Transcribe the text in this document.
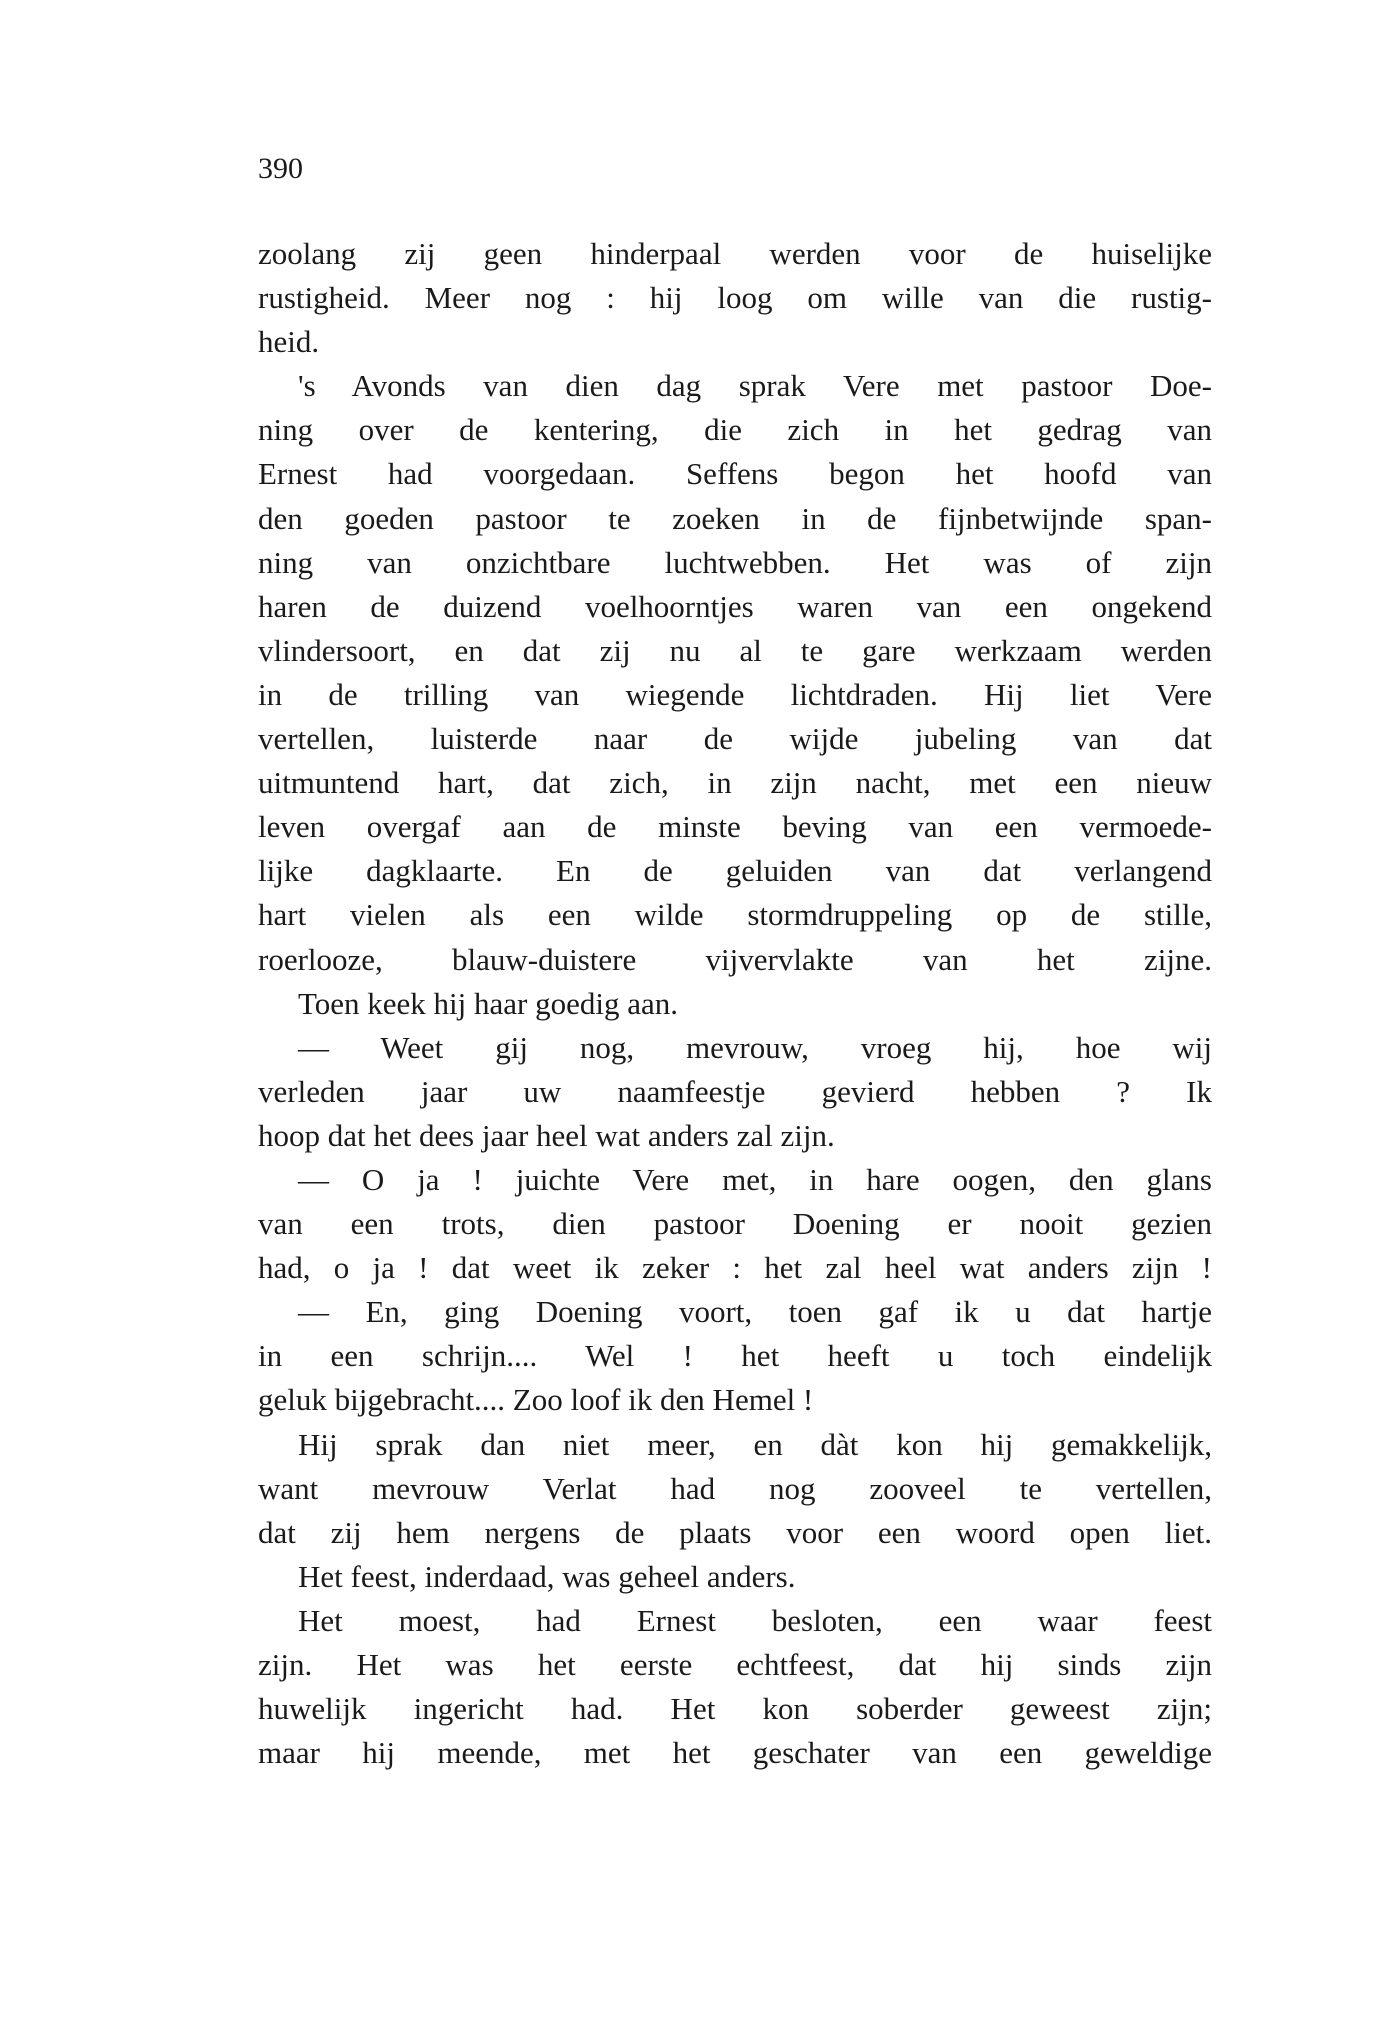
390
zoolang zij geen hinderpaal werden voor de huiselijke
rustigheid. Meer nog : hij loog om wille van die rustig-
heid.
's Avonds van dien dag sprak Vere met pastoor Doe-
ning over de kentering, die zich in het gedrag van
Ernest had voorgedaan. Seffens begon het hoofd van
den goeden pastoor te zoeken in de fijnbetwijnde span-
ning van onzichtbare luchtwebben. Het was of zijn
haren de duizend voelhoorntjes waren van een ongekend
vlindersoort, en dat zij nu al te gare werkzaam werden
in de trilling van wiegende lichtdraden. Hij liet Vere
vertellen, luisterde naar de wijde jubeling van dat
uitmuntend hart, dat zich, in zijn nacht, met een nieuw
leven overgaf aan de minste beving van een vermoede-
lijke dagklaarte. En de geluiden van dat verlangend
hart vielen als een wilde stormdruppeling op de stille,
roerlooze, blauw-duistere vijvervlakte van het zijne.
Toen keek hij haar goedig aan.
— Weet gij nog, mevrouw, vroeg hij, hoe wij
verleden jaar uw naamfeestje gevierd hebben ? Ik
hoop dat het dees jaar heel wat anders zal zijn.
— O ja ! juichte Vere met, in hare oogen, den glans
van een trots, dien pastoor Doening er nooit gezien
had, o ja ! dat weet ik zeker : het zal heel wat anders zijn !
— En, ging Doening voort, toen gaf ik u dat hartje
in een schrijn.... Wel ! het heeft u toch eindelijk
geluk bijgebracht.... Zoo loof ik den Hemel !
Hij sprak dan niet meer, en dàt kon hij gemakkelijk,
want mevrouw Verlat had nog zooveel te vertellen,
dat zij hem nergens de plaats voor een woord open liet.
Het feest, inderdaad, was geheel anders.
Het moest, had Ernest besloten, een waar feest
zijn. Het was het eerste echtfeest, dat hij sinds zijn
huwelijk ingericht had. Het kon soberder geweest zijn;
maar hij meende, met het geschater van een geweldige
